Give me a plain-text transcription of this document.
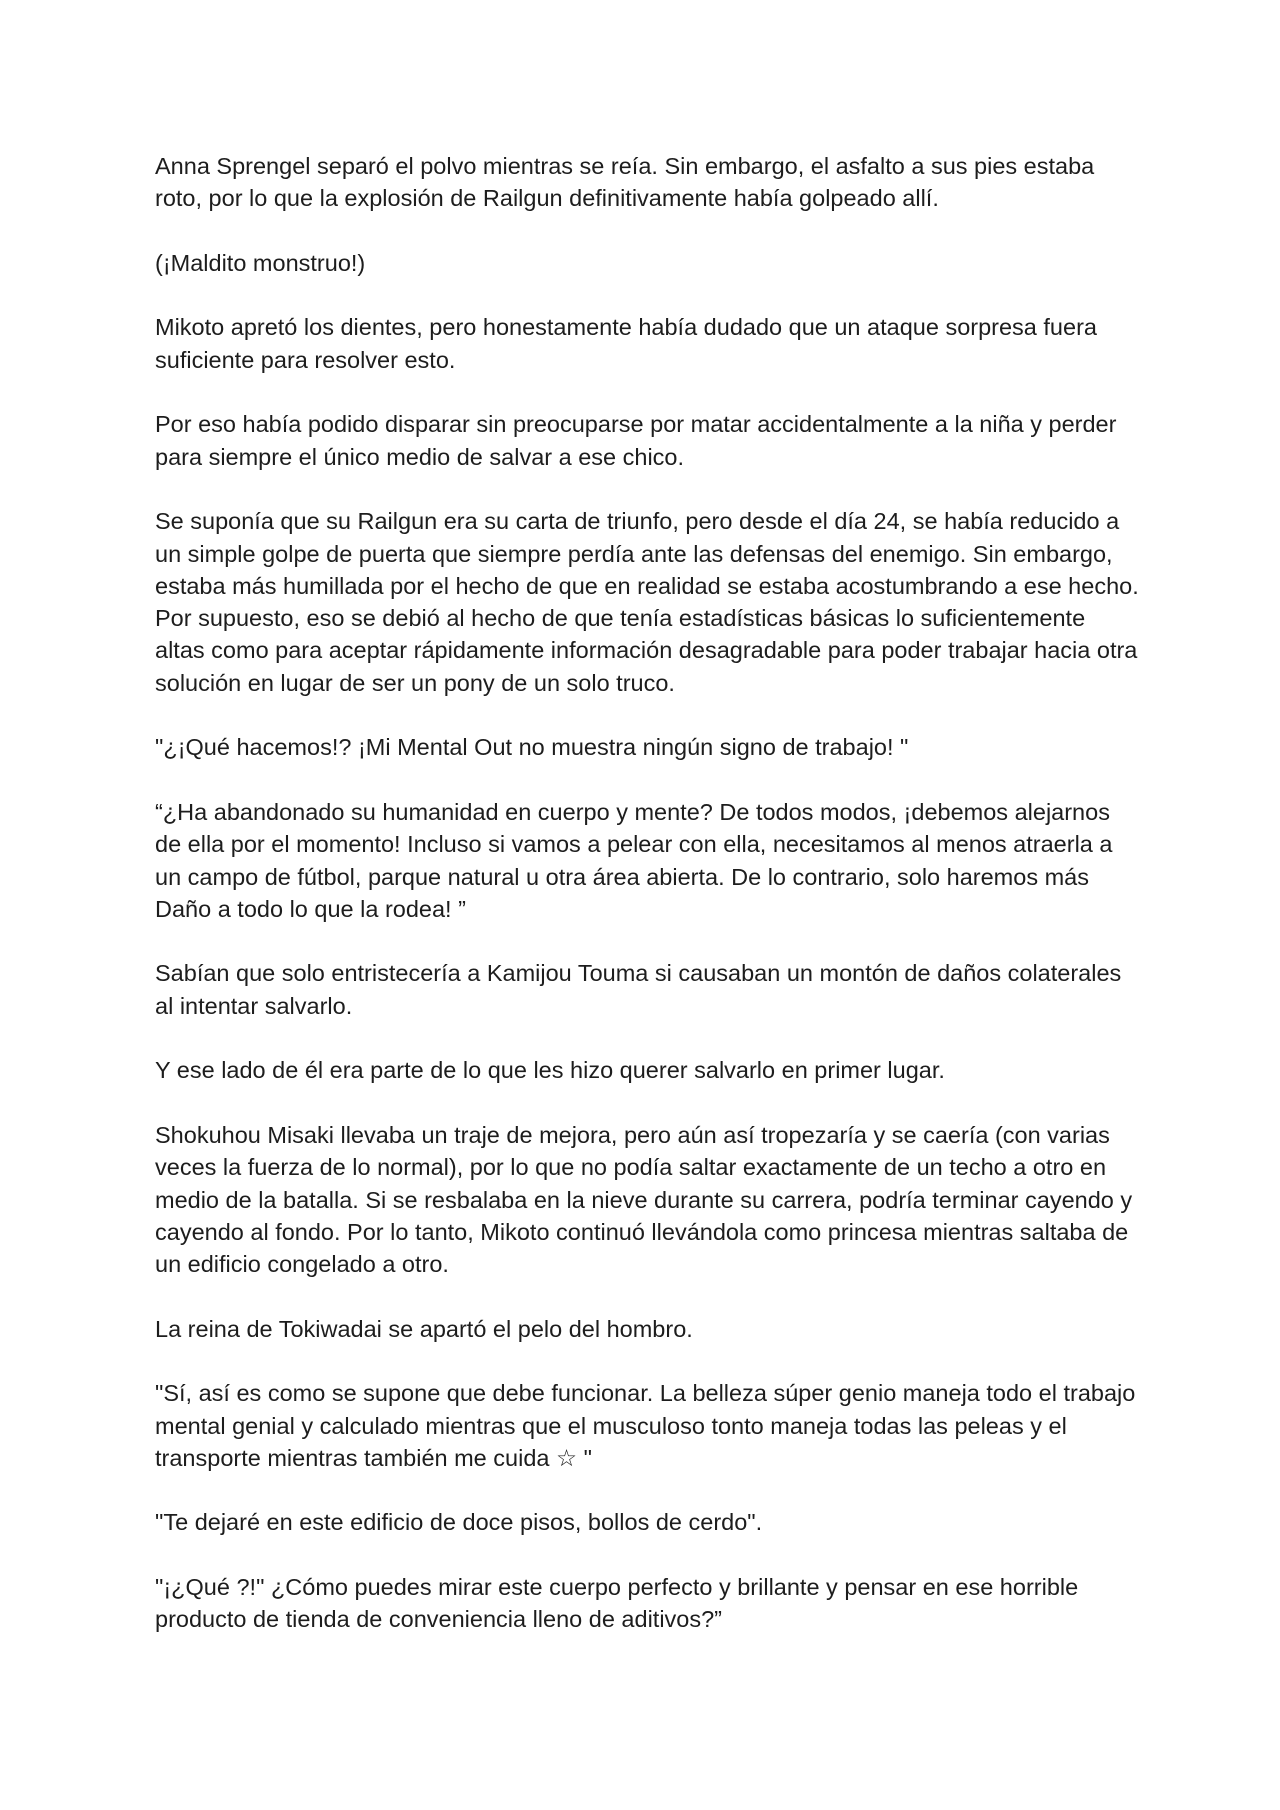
Anna Sprengel separó el polvo mientras se reía. Sin embargo, el asfalto a sus pies estaba roto, por lo que la explosión de Railgun definitivamente había golpeado allí.

(¡Maldito monstruo!)

Mikoto apretó los dientes, pero honestamente había dudado que un ataque sorpresa fuera suficiente para resolver esto.

Por eso había podido disparar sin preocuparse por matar accidentalmente a la niña y perder para siempre el único medio de salvar a ese chico.

Se suponía que su Railgun era su carta de triunfo, pero desde el día 24, se había reducido a un simple golpe de puerta que siempre perdía ante las defensas del enemigo. Sin embargo, estaba más humillada por el hecho de que en realidad se estaba acostumbrando a ese hecho. Por supuesto, eso se debió al hecho de que tenía estadísticas básicas lo suficientemente altas como para aceptar rápidamente información desagradable para poder trabajar hacia otra solución en lugar de ser un pony de un solo truco.

"¿¡Qué hacemos!? ¡Mi Mental Out no muestra ningún signo de trabajo! "

“¿Ha abandonado su humanidad en cuerpo y mente? De todos modos, ¡debemos alejarnos de ella por el momento! Incluso si vamos a pelear con ella, necesitamos al menos atraerla a un campo de fútbol, parque natural u otra área abierta. De lo contrario, solo haremos más Daño a todo lo que la rodea! ”

Sabían que solo entristecería a Kamijou Touma si causaban un montón de daños colaterales al intentar salvarlo.

Y ese lado de él era parte de lo que les hizo querer salvarlo en primer lugar.

Shokuhou Misaki llevaba un traje de mejora, pero aún así tropezaría y se caería (con varias veces la fuerza de lo normal), por lo que no podía saltar exactamente de un techo a otro en medio de la batalla. Si se resbalaba en la nieve durante su carrera, podría terminar cayendo y cayendo al fondo. Por lo tanto, Mikoto continuó llevándola como princesa mientras saltaba de un edificio congelado a otro.

La reina de Tokiwadai se apartó el pelo del hombro.

"Sí, así es como se supone que debe funcionar. La belleza súper genio maneja todo el trabajo mental genial y calculado mientras que el musculoso tonto maneja todas las peleas y el transporte mientras también me cuida ☆ "

"Te dejaré en este edificio de doce pisos, bollos de cerdo".

"¡¿Qué ?!" ¿Cómo puedes mirar este cuerpo perfecto y brillante y pensar en ese horrible producto de tienda de conveniencia lleno de aditivos?”
